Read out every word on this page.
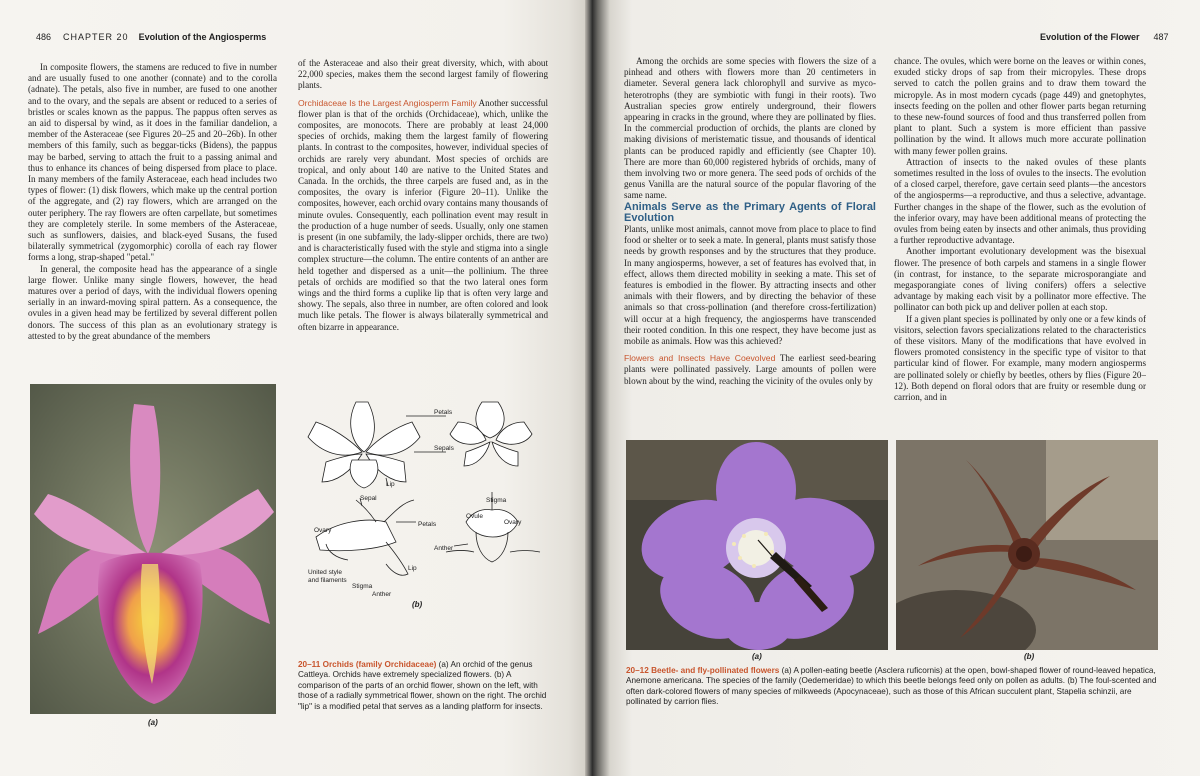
486 CHAPTER 20 Evolution of the Angiosperms

In composite flowers, the stamens are reduced to five in number and are usually fused to one another (connate) and to the corolla (adnate). The petals, also five in number, are fused to one another and to the ovary, and the sepals are absent or reduced to a series of bristles or scales known as the pappus. The pappus often serves as an aid to dispersal by wind, as it does in the familiar dandelion, a member of the Asteraceae (see Figures 20–25 and 20–26b). In other members of this family, such as beggar-ticks (Bidens), the pappus may be barbed, serving to attach the fruit to a passing animal and thus to enhance its chances of being dispersed from place to place. In many members of the family Asteraceae, each head includes two types of flower: (1) disk flowers, which make up the central portion of the aggregate, and (2) ray flowers, which are arranged on the outer periphery. The ray flowers are often carpellate, but sometimes they are completely sterile. In some members of the Asteraceae, such as sunflowers, daisies, and black-eyed Susans, the fused bilaterally symmetrical (zygomorphic) corolla of each ray flower forms a long, strap-shaped "petal."

In general, the composite head has the appearance of a single large flower. Unlike many single flowers, however, the head matures over a period of days, with the individual flowers opening serially in an inward-moving spiral pattern. As a consequence, the ovules in a given head may be fertilized by several different pollen donors. The success of this plan as an evolutionary strategy is attested to by the great abundance of the members

of the Asteraceae and also their great diversity, which, with about 22,000 species, makes them the second largest family of flowering plants.

Orchidaceae Is the Largest Angiosperm Family Another successful flower plan is that of the orchids (Orchidaceae), which, unlike the composites, are monocots. There are probably at least 24,000 species of orchids, making them the largest family of flowering plants. In contrast to the composites, however, individual species of orchids are rarely very abundant. Most species of orchids are tropical, and only about 140 are native to the United States and Canada. In the orchids, the three carpels are fused and, as in the composites, the ovary is inferior (Figure 20–11). Unlike the composites, however, each orchid ovary contains many thousands of minute ovules. Consequently, each pollination event may result in the production of a huge number of seeds. Usually, only one stamen is present (in one subfamily, the lady-slipper orchids, there are two) and is characteristically fused with the style and stigma into a single complex structure—the column. The entire contents of an anther are held together and dispersed as a unit—the pollinium. The three petals of orchids are modified so that the two lateral ones form wings and the third forms a cuplike lip that is often very large and showy. The sepals, also three in number, are often colored and look much like petals. The flower is always bilaterally symmetrical and often bizarre in appearance.

(a)
Petals
Sepals
Lip
Sepal
Ovary
Petals
United style
and filaments
Stigma
Anther
Lip
Stigma
Ovule
Ovary
Anther
(b)
20–11 Orchids (family Orchidaceae) (a) An orchid of the genus Cattleya. Orchids have extremely specialized flowers. (b) A comparison of the parts of an orchid flower, shown on the left, with those of a radially symmetrical flower, shown on the right. The orchid "lip" is a modified petal that serves as a landing platform for insects.
Evolution of the Flower 487

Among the orchids are some species with flowers the size of a pinhead and others with flowers more than 20 centimeters in diameter. Several genera lack chlorophyll and survive as myco-heterotrophs (they are symbiotic with fungi in their roots). Two Australian species grow entirely underground, their flowers appearing in cracks in the ground, where they are pollinated by flies. In the commercial production of orchids, the plants are cloned by making divisions of meristematic tissue, and thousands of identical plants can be produced rapidly and efficiently (see Chapter 10). There are more than 60,000 registered hybrids of orchids, many of them involving two or more genera. The seed pods of orchids of the genus Vanilla are the natural source of the popular flavoring of the same name.

Animals Serve as the Primary Agents of Floral Evolution

Plants, unlike most animals, cannot move from place to place to find food or shelter or to seek a mate. In general, plants must satisfy those needs by growth responses and by the structures that they produce. In many angiosperms, however, a set of features has evolved that, in effect, allows them directed mobility in seeking a mate. This set of features is embodied in the flower. By attracting insects and other animals with their flowers, and by directing the behavior of these animals so that cross-pollination (and therefore cross-fertilization) will occur at a high frequency, the angiosperms have transcended their rooted condition. In this one respect, they have become just as mobile as animals. How was this achieved?

Flowers and Insects Have Coevolved The earliest seed-bearing plants were pollinated passively. Large amounts of pollen were blown about by the wind, reaching the vicinity of the ovules only by

chance. The ovules, which were borne on the leaves or within cones, exuded sticky drops of sap from their micropyles. These drops served to catch the pollen grains and to draw them toward the micropyle. As in most modern cycads (page 449) and gnetophytes, insects feeding on the pollen and other flower parts began returning to these new-found sources of food and thus transferred pollen from plant to plant. Such a system is more efficient than passive pollination by the wind. It allows much more accurate pollination with many fewer pollen grains.

Attraction of insects to the naked ovules of these plants sometimes resulted in the loss of ovules to the insects. The evolution of a closed carpel, therefore, gave certain seed plants—the ancestors of the angiosperms—a reproductive, and thus a selective, advantage. Further changes in the shape of the flower, such as the evolution of the inferior ovary, may have been additional means of protecting the ovules from being eaten by insects and other animals, thus providing a further reproductive advantage.

Another important evolutionary development was the bisexual flower. The presence of both carpels and stamens in a single flower (in contrast, for instance, to the separate microsporangiate and megasporangiate cones of living conifers) offers a selective advantage by making each visit by a pollinator more effective. The pollinator can both pick up and deliver pollen at each stop.

If a given plant species is pollinated by only one or a few kinds of visitors, selection favors specializations related to the characteristics of these visitors. Many of the modifications that have evolved in flowers promoted consistency in the specific type of visitor to that particular kind of flower. For example, many modern angiosperms are pollinated solely or chiefly by beetles, others by flies (Figure 20–12). Both depend on floral odors that are fruity or resemble dung or carrion, and in

(a)	(b)
20–12 Beetle- and fly-pollinated flowers (a) A pollen-eating beetle (Asclera ruficornis) at the open, bowl-shaped flower of round-leaved hepatica, Anemone americana. The species of the family (Oedemeridae) to which this beetle belongs feed only on pollen as adults. (b) The foul-scented and often dark-colored flowers of many species of milkweeds (Apocynaceae), such as those of this African succulent plant, Stapelia schinzii, are pollinated by carrion flies.
